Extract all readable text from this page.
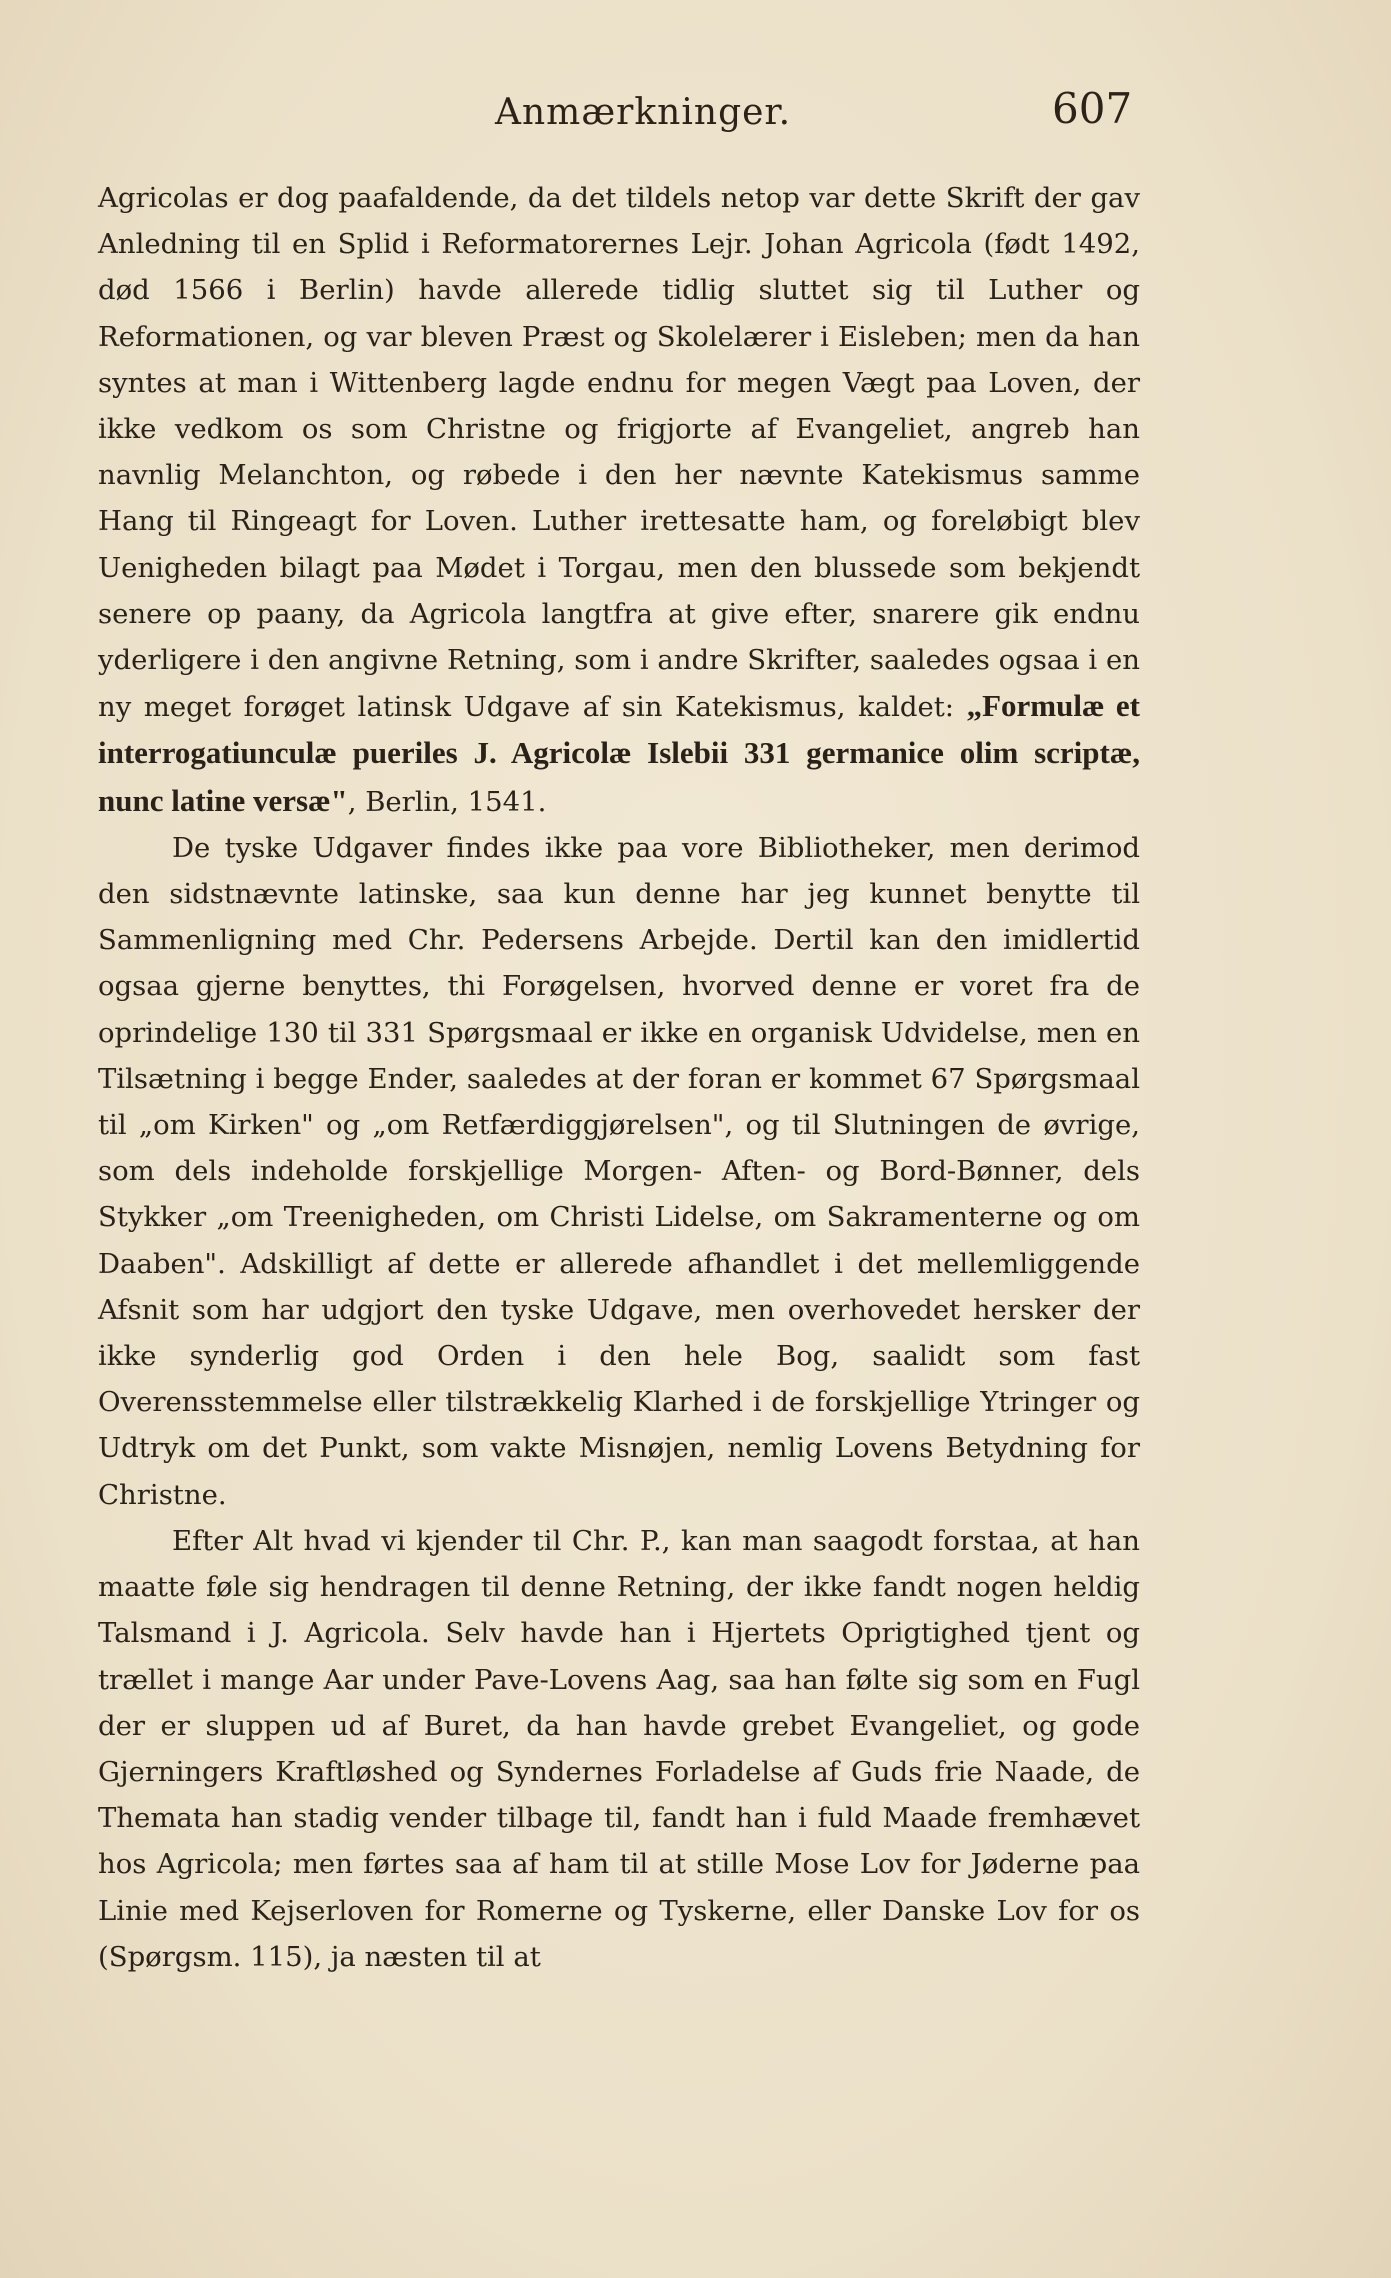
Anmærkninger.	607

Agricolas er dog paafaldende, da det tildels netop var dette Skrift der gav Anledning til en Splid i Reformatorernes Lejr. Johan Agricola (født 1492, død 1566 i Berlin) havde allerede tidlig sluttet sig til Luther og Reformationen, og var bleven Præst og Skolelærer i Eisleben; men da han syntes at man i Wittenberg lagde endnu for megen Vægt paa Loven, der ikke vedkom os som Christne og frigjorte af Evangeliet, angreb han navnlig Melanchton, og røbede i den her nævnte Katekismus samme Hang til Ringeagt for Loven. Luther irettesatte ham, og foreløbigt blev Uenigheden bilagt paa Mødet i Torgau, men den blussede som bekjendt senere op paany, da Agricola langtfra at give efter, snarere gik endnu yderligere i den angivne Retning, som i andre Skrifter, saaledes ogsaa i en ny meget forøget latinsk Udgave af sin Katekismus, kaldet: „Formulæ et interrogatiunculæ pueriles J. Agricolæ Islebii 331 germanice olim scriptæ, nunc latine versæ", Berlin, 1541.

De tyske Udgaver findes ikke paa vore Bibliotheker, men derimod den sidstnævnte latinske, saa kun denne har jeg kunnet benytte til Sammenligning med Chr. Pedersens Arbejde. Dertil kan den imidlertid ogsaa gjerne benyttes, thi Forøgelsen, hvorved denne er voret fra de oprindelige 130 til 331 Spørgsmaal er ikke en organisk Udvidelse, men en Tilsætning i begge Ender, saaledes at der foran er kommet 67 Spørgsmaal til „om Kirken" og „om Retfærdiggjørelsen", og til Slutningen de øvrige, som dels indeholde forskjellige Morgen- Aften- og Bord-Bønner, dels Stykker „om Treenigheden, om Christi Lidelse, om Sakramenterne og om Daaben". Adskilligt af dette er allerede afhandlet i det mellemliggende Afsnit som har udgjort den tyske Udgave, men overhovedet hersker der ikke synderlig god Orden i den hele Bog, saalidt som fast Overensstemmelse eller tilstrækkelig Klarhed i de forskjellige Ytringer og Udtryk om det Punkt, som vakte Misnøjen, nemlig Lovens Betydning for Christne.

Efter Alt hvad vi kjender til Chr. P., kan man saagodt forstaa, at han maatte føle sig hendragen til denne Retning, der ikke fandt nogen heldig Talsmand i J. Agricola. Selv havde han i Hjertets Oprigtighed tjent og trællet i mange Aar under Pave-Lovens Aag, saa han følte sig som en Fugl der er sluppen ud af Buret, da han havde grebet Evangeliet, og gode Gjerningers Kraftløshed og Syndernes Forladelse af Guds frie Naade, de Themata han stadig vender tilbage til, fandt han i fuld Maade fremhævet hos Agricola; men førtes saa af ham til at stille Mose Lov for Jøderne paa Linie med Kejserloven for Romerne og Tyskerne, eller Danske Lov for os (Spørgsm. 115), ja næsten til at
